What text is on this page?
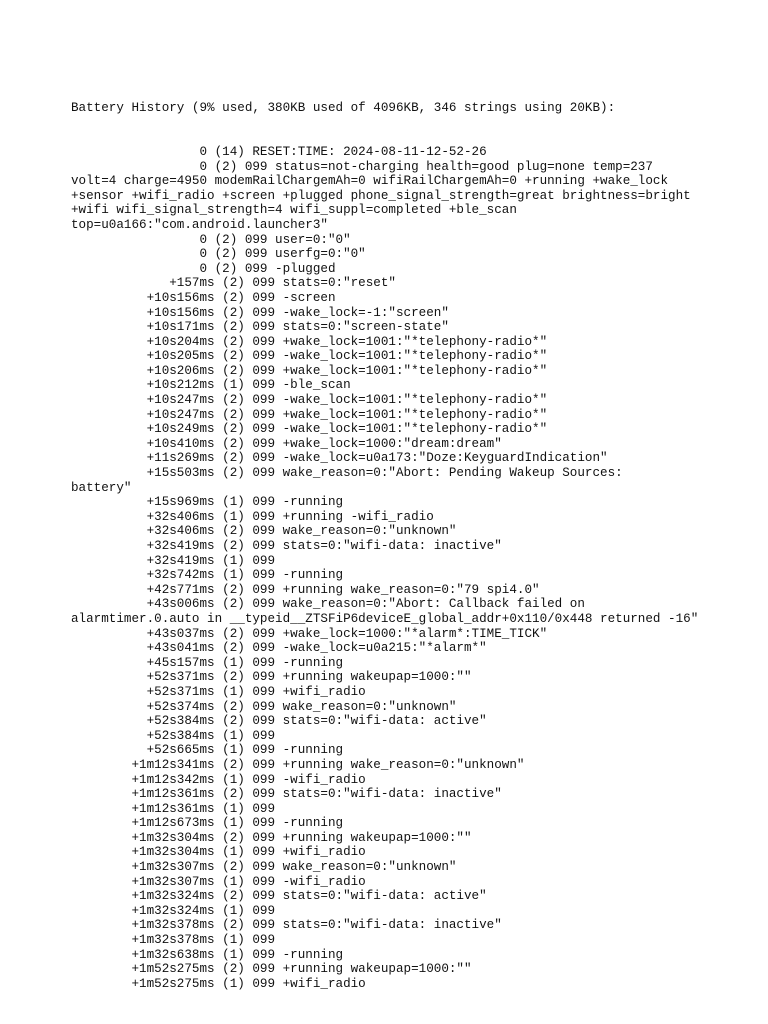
Battery History (9% used, 380KB used of 4096KB, 346 strings using 20KB):

0 (14) RESET:TIME: 2024-08-11-12-52-26
0 (2) 099 status=not-charging health=good plug=none temp=237
volt=4 charge=4950 modemRailChargemAh=0 wifiRailChargemAh=0 +running +wake_lock
+sensor +wifi_radio +screen +plugged phone_signal_strength=great brightness=bright
+wifi wifi_signal_strength=4 wifi_suppl=completed +ble_scan
top=u0a166:"com.android.launcher3"
0 (2) 099 user=0:"0"
0 (2) 099 userfg=0:"0"
0 (2) 099 -plugged
+157ms (2) 099 stats=0:"reset"
+10s156ms (2) 099 -screen
+10s156ms (2) 099 -wake_lock=-1:"screen"
+10s171ms (2) 099 stats=0:"screen-state"
+10s204ms (2) 099 +wake_lock=1001:"*telephony-radio*"
+10s205ms (2) 099 -wake_lock=1001:"*telephony-radio*"
+10s206ms (2) 099 +wake_lock=1001:"*telephony-radio*"
+10s212ms (1) 099 -ble_scan
+10s247ms (2) 099 -wake_lock=1001:"*telephony-radio*"
+10s247ms (2) 099 +wake_lock=1001:"*telephony-radio*"
+10s249ms (2) 099 -wake_lock=1001:"*telephony-radio*"
+10s410ms (2) 099 +wake_lock=1000:"dream:dream"
+11s269ms (2) 099 -wake_lock=u0a173:"Doze:KeyguardIndication"
+15s503ms (2) 099 wake_reason=0:"Abort: Pending Wakeup Sources:
battery"
+15s969ms (1) 099 -running
+32s406ms (1) 099 +running -wifi_radio
+32s406ms (2) 099 wake_reason=0:"unknown"
+32s419ms (2) 099 stats=0:"wifi-data: inactive"
+32s419ms (1) 099
+32s742ms (1) 099 -running
+42s771ms (2) 099 +running wake_reason=0:"79 spi4.0"
+43s006ms (2) 099 wake_reason=0:"Abort: Callback failed on
alarmtimer.0.auto in __typeid__ZTSFiP6deviceE_global_addr+0x110/0x448 returned -16"
+43s037ms (2) 099 +wake_lock=1000:"*alarm*:TIME_TICK"
+43s041ms (2) 099 -wake_lock=u0a215:"*alarm*"
+45s157ms (1) 099 -running
+52s371ms (2) 099 +running wakeupap=1000:""
+52s371ms (1) 099 +wifi_radio
+52s374ms (2) 099 wake_reason=0:"unknown"
+52s384ms (2) 099 stats=0:"wifi-data: active"
+52s384ms (1) 099
+52s665ms (1) 099 -running
+1m12s341ms (2) 099 +running wake_reason=0:"unknown"
+1m12s342ms (1) 099 -wifi_radio
+1m12s361ms (2) 099 stats=0:"wifi-data: inactive"
+1m12s361ms (1) 099
+1m12s673ms (1) 099 -running
+1m32s304ms (2) 099 +running wakeupap=1000:""
+1m32s304ms (1) 099 +wifi_radio
+1m32s307ms (2) 099 wake_reason=0:"unknown"
+1m32s307ms (1) 099 -wifi_radio
+1m32s324ms (2) 099 stats=0:"wifi-data: active"
+1m32s324ms (1) 099
+1m32s378ms (2) 099 stats=0:"wifi-data: inactive"
+1m32s378ms (1) 099
+1m32s638ms (1) 099 -running
+1m52s275ms (2) 099 +running wakeupap=1000:""
+1m52s275ms (1) 099 +wifi_radio
